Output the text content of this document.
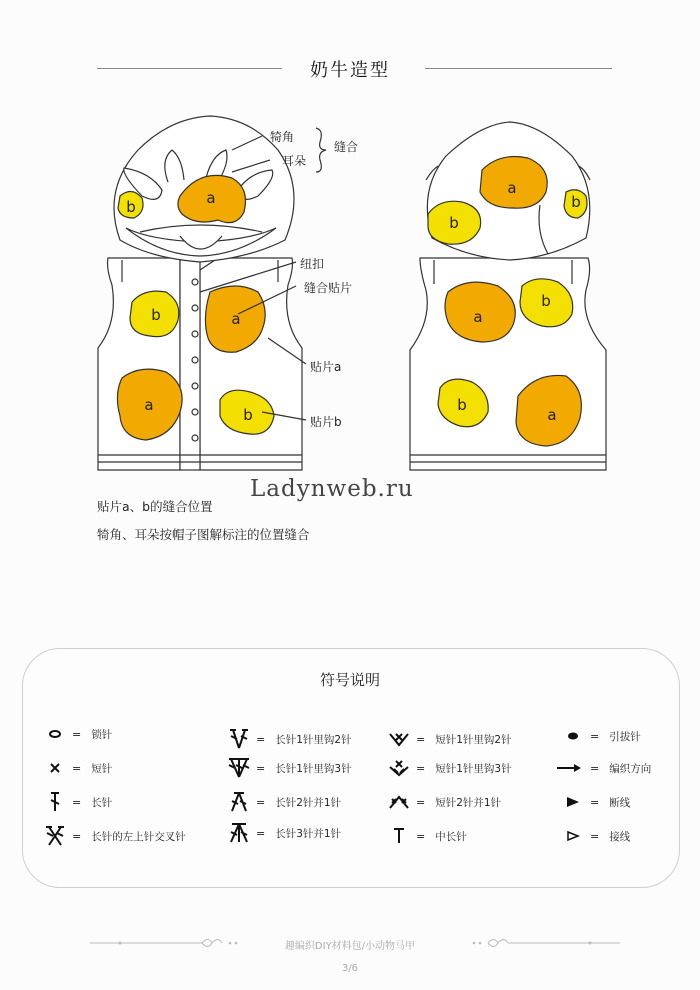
奶牛造型
a
b
a
b
a
b
a
b
b
a
b
b
a
犄角
耳朵
缝合
纽扣
缝合贴片
贴片a
贴片b
贴片a、b的缝合位置
犄角、耳朵按帽子图解标注的位置缝合
Ladynweb.ru
符号说明
= 锁针
= 短针
= 长针
= 长针的左上针交叉针
= 长针1针里钩2针
= 长针1针里钩3针
= 长针2针并1针
= 长针3针并1针
= 短针1针里钩2针
= 短针1针里钩3针
= 短针2针并1针
= 中长针
= 引拔针
= 编织方向
= 断线
= 接线
趣编织DIY材料包/小动物马甲
3/6
